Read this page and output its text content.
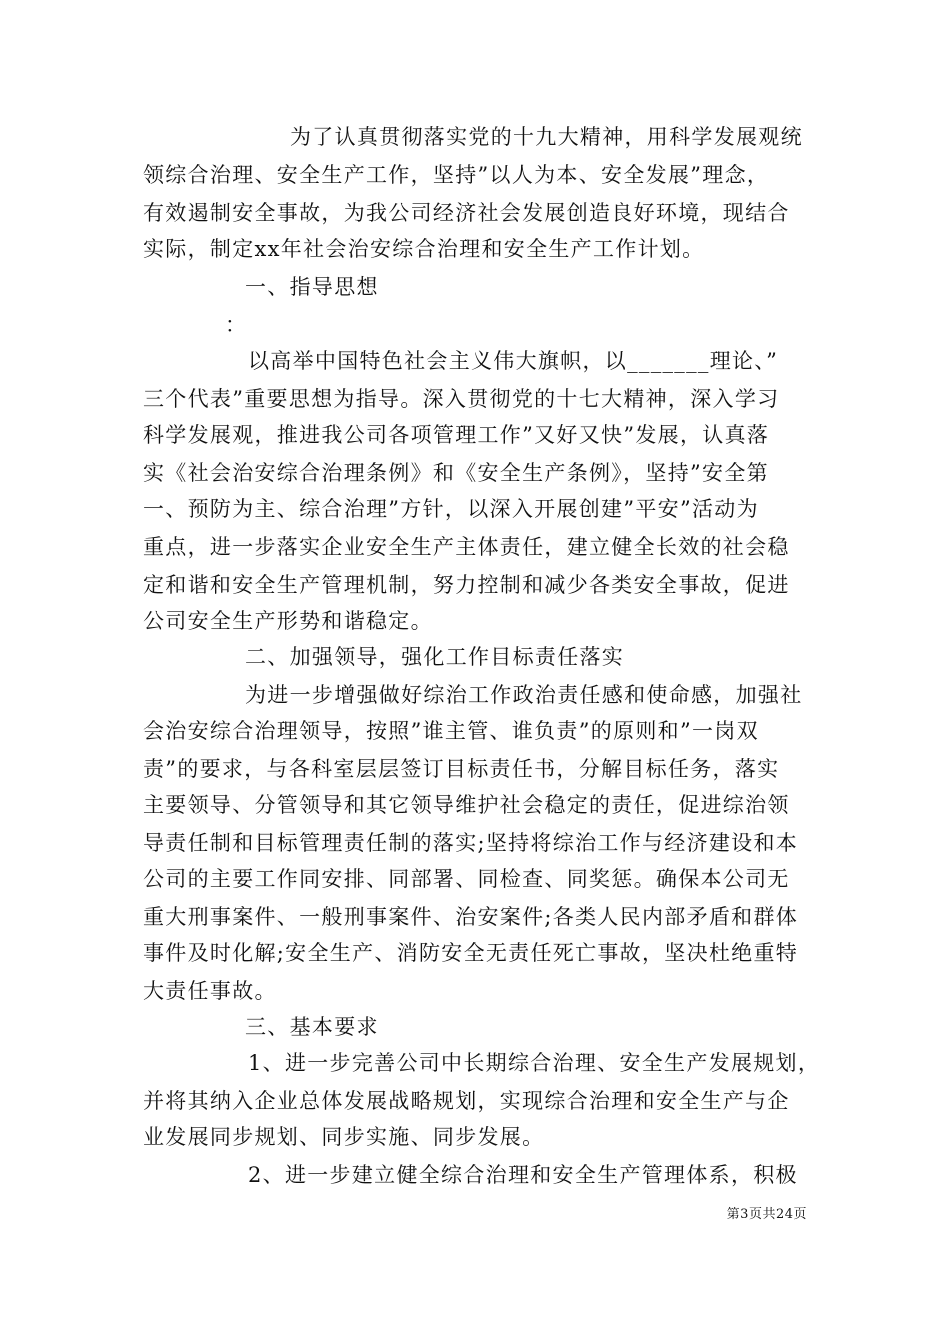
为了认真贯彻落实党的十九大精神，用科学发展观统
领综合治理、安全生产工作，坚持”以人为本、安全发展”理念，
有效遏制安全事故，为我公司经济社会发展创造良好环境，现结合
实际，制定xx年社会治安综合治理和安全生产工作计划。
一、指导思想
：
以高举中国特色社会主义伟大旗帜，以_______理论、”
三个代表”重要思想为指导。深入贯彻党的十七大精神，深入学习
科学发展观，推进我公司各项管理工作”又好又快”发展，认真落
实《社会治安综合治理条例》和《安全生产条例》，坚持”安全第
一、预防为主、综合治理”方针，以深入开展创建”平安”活动为
重点，进一步落实企业安全生产主体责任，建立健全长效的社会稳
定和谐和安全生产管理机制，努力控制和减少各类安全事故，促进
公司安全生产形势和谐稳定。
二、加强领导，强化工作目标责任落实
为进一步增强做好综治工作政治责任感和使命感，加强社
会治安综合治理领导，按照”谁主管、谁负责”的原则和”一岗双
责”的要求，与各科室层层签订目标责任书，分解目标任务，落实
主要领导、分管领导和其它领导维护社会稳定的责任，促进综治领
导责任制和目标管理责任制的落实;坚持将综治工作与经济建设和本
公司的主要工作同安排、同部署、同检查、同奖惩。确保本公司无
重大刑事案件、一般刑事案件、治安案件;各类人民内部矛盾和群体
事件及时化解;安全生产、消防安全无责任死亡事故，坚决杜绝重特
大责任事故。
三、基本要求
1、进一步完善公司中长期综合治理、安全生产发展规划，
并将其纳入企业总体发展战略规划，实现综合治理和安全生产与企
业发展同步规划、同步实施、同步发展。
2、进一步建立健全综合治理和安全生产管理体系，积极
第3页共24页
